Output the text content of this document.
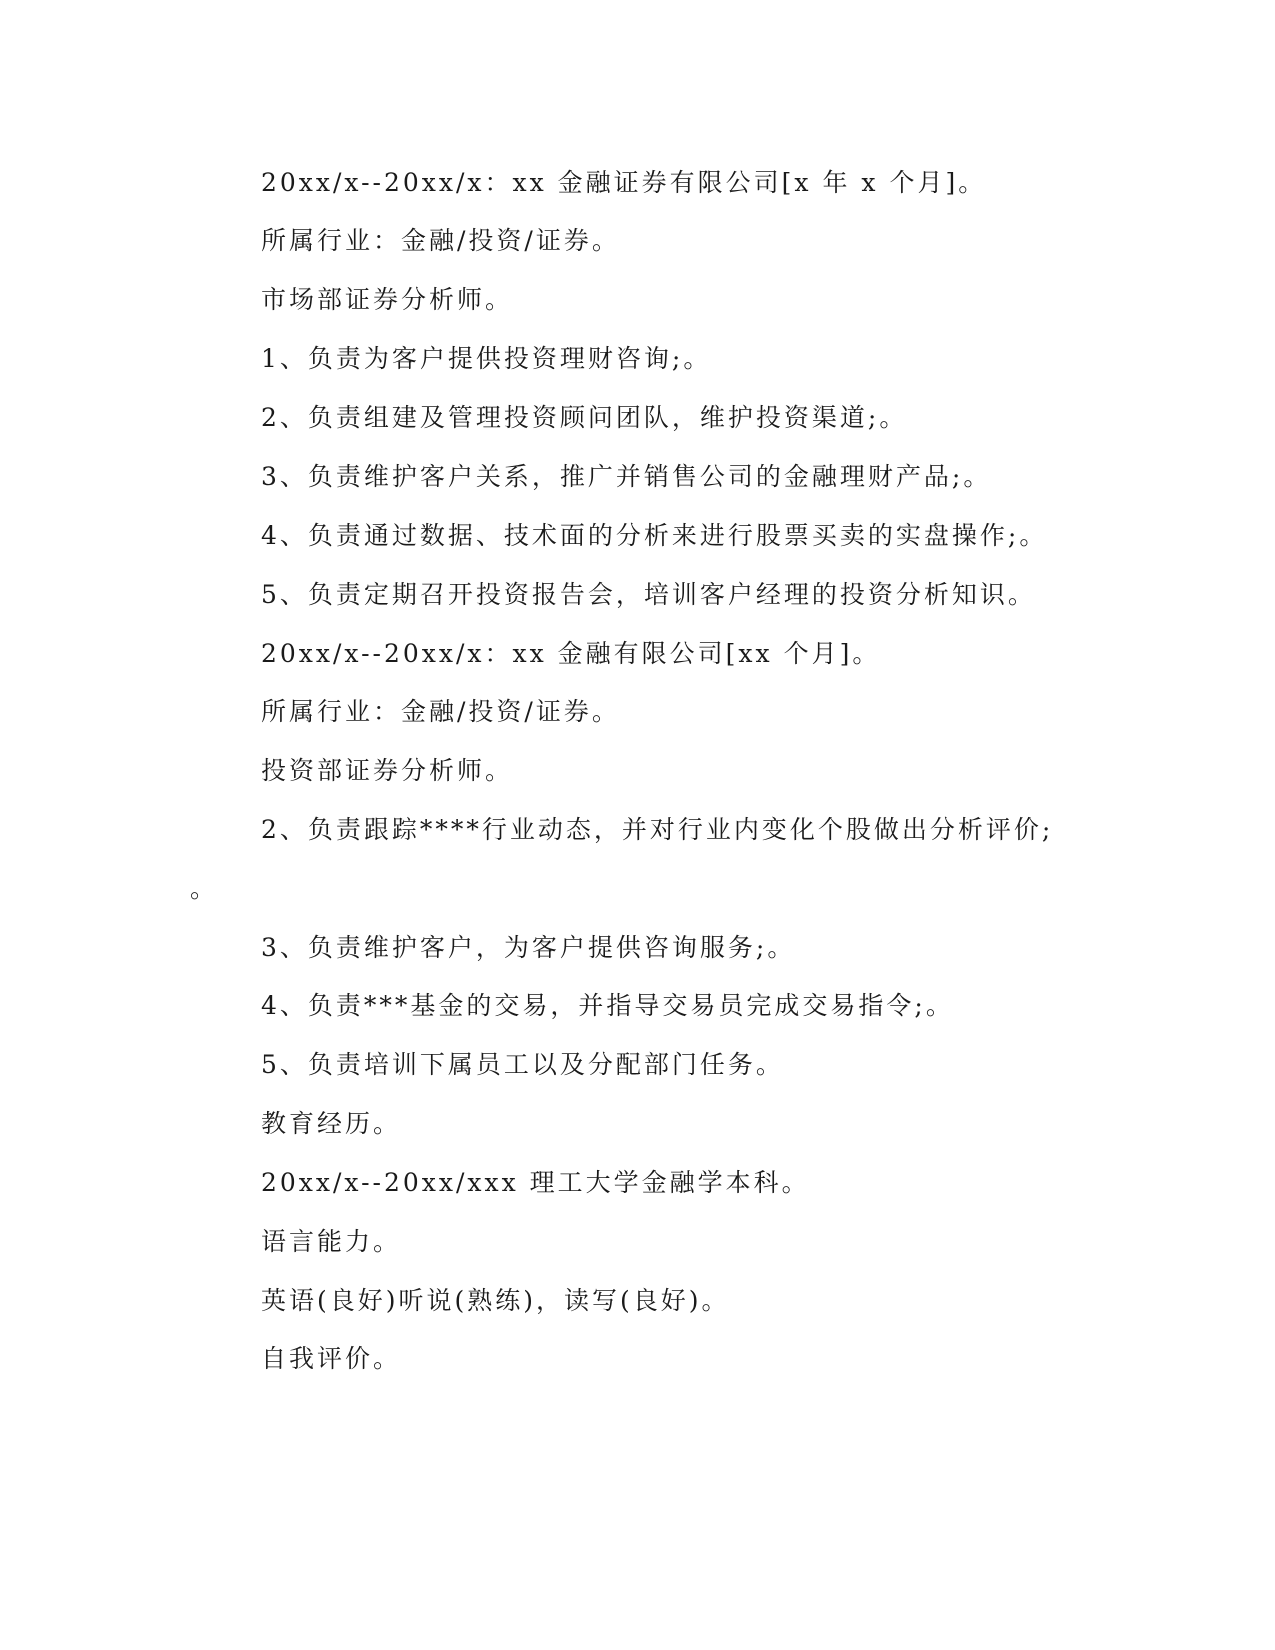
20xx/x--20xx/x：xx 金融证券有限公司[x 年 x 个月]。
所属行业：金融/投资/证券。
市场部证券分析师。
1、负责为客户提供投资理财咨询;。
2、负责组建及管理投资顾问团队，维护投资渠道;。
3、负责维护客户关系，推广并销售公司的金融理财产品;。
4、负责通过数据、技术面的分析来进行股票买卖的实盘操作;。
5、负责定期召开投资报告会，培训客户经理的投资分析知识。
20xx/x--20xx/x：xx 金融有限公司[xx 个月]。
所属行业：金融/投资/证券。
投资部证券分析师。
2、负责跟踪****行业动态，并对行业内变化个股做出分析评价;
。
3、负责维护客户，为客户提供咨询服务;。
4、负责***基金的交易，并指导交易员完成交易指令;。
5、负责培训下属员工以及分配部门任务。
教育经历。
20xx/x--20xx/xxx 理工大学金融学本科。
语言能力。
英语(良好)听说(熟练)，读写(良好)。
自我评价。
